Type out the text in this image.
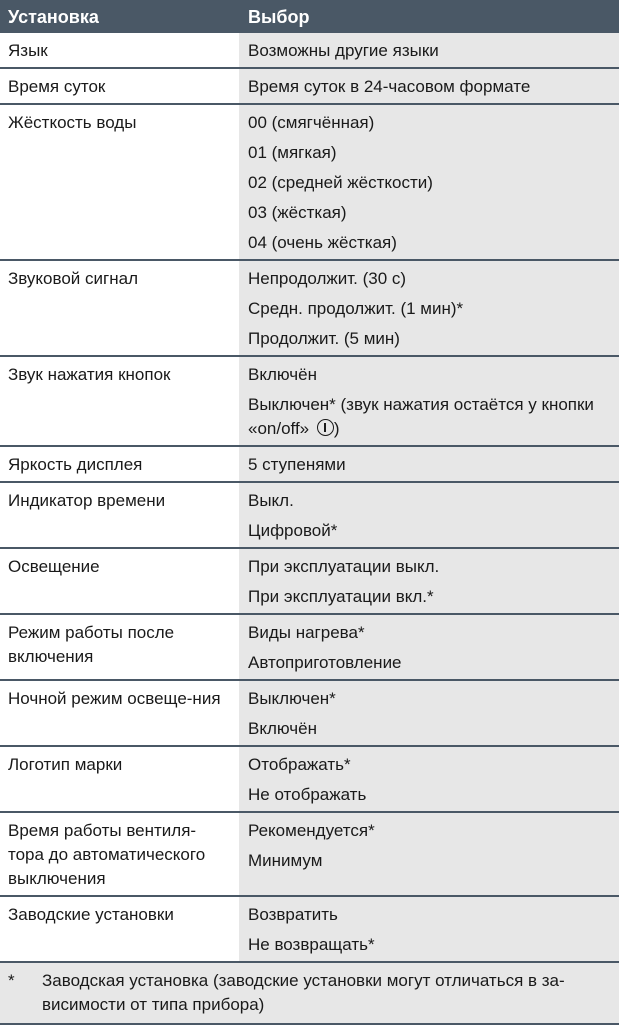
Установка	Выбор
Язык	Возможны другие языки

Время суток	Время суток в 24-часовом формате

Жёсткость воды	00 (смягчённая)
01 (мягкая)
02 (средней жёсткости)
03 (жёсткая)
04 (очень жёсткая)

Звуковой сигнал	Непродолжит. (30 с)
Средн. продолжит. (1 мин)*
Продолжит. (5 мин)

Звук нажатия кнопок	Включён
Выключен* (звук нажатия остаётся у кнопки «on/off» )

Яркость дисплея	5 ступенями

Индикатор времени	Выкл.
Цифровой*

Освещение	При эксплуатации выкл.
При эксплуатации вкл.*

Режим работы после включения	Виды нагрева*
Автоприготовление

Ночной режим освеще-ния	Выключен*
Включён

Логотип марки	Отображать*
Не отображать

Время работы вентиля-тора до автоматического выключения	Рекомендуется*
Минимум

Заводские установки	Возвратить
Не возвращать*
*	Заводская установка (заводские установки могут отличаться в за-висимости от типа прибора)
